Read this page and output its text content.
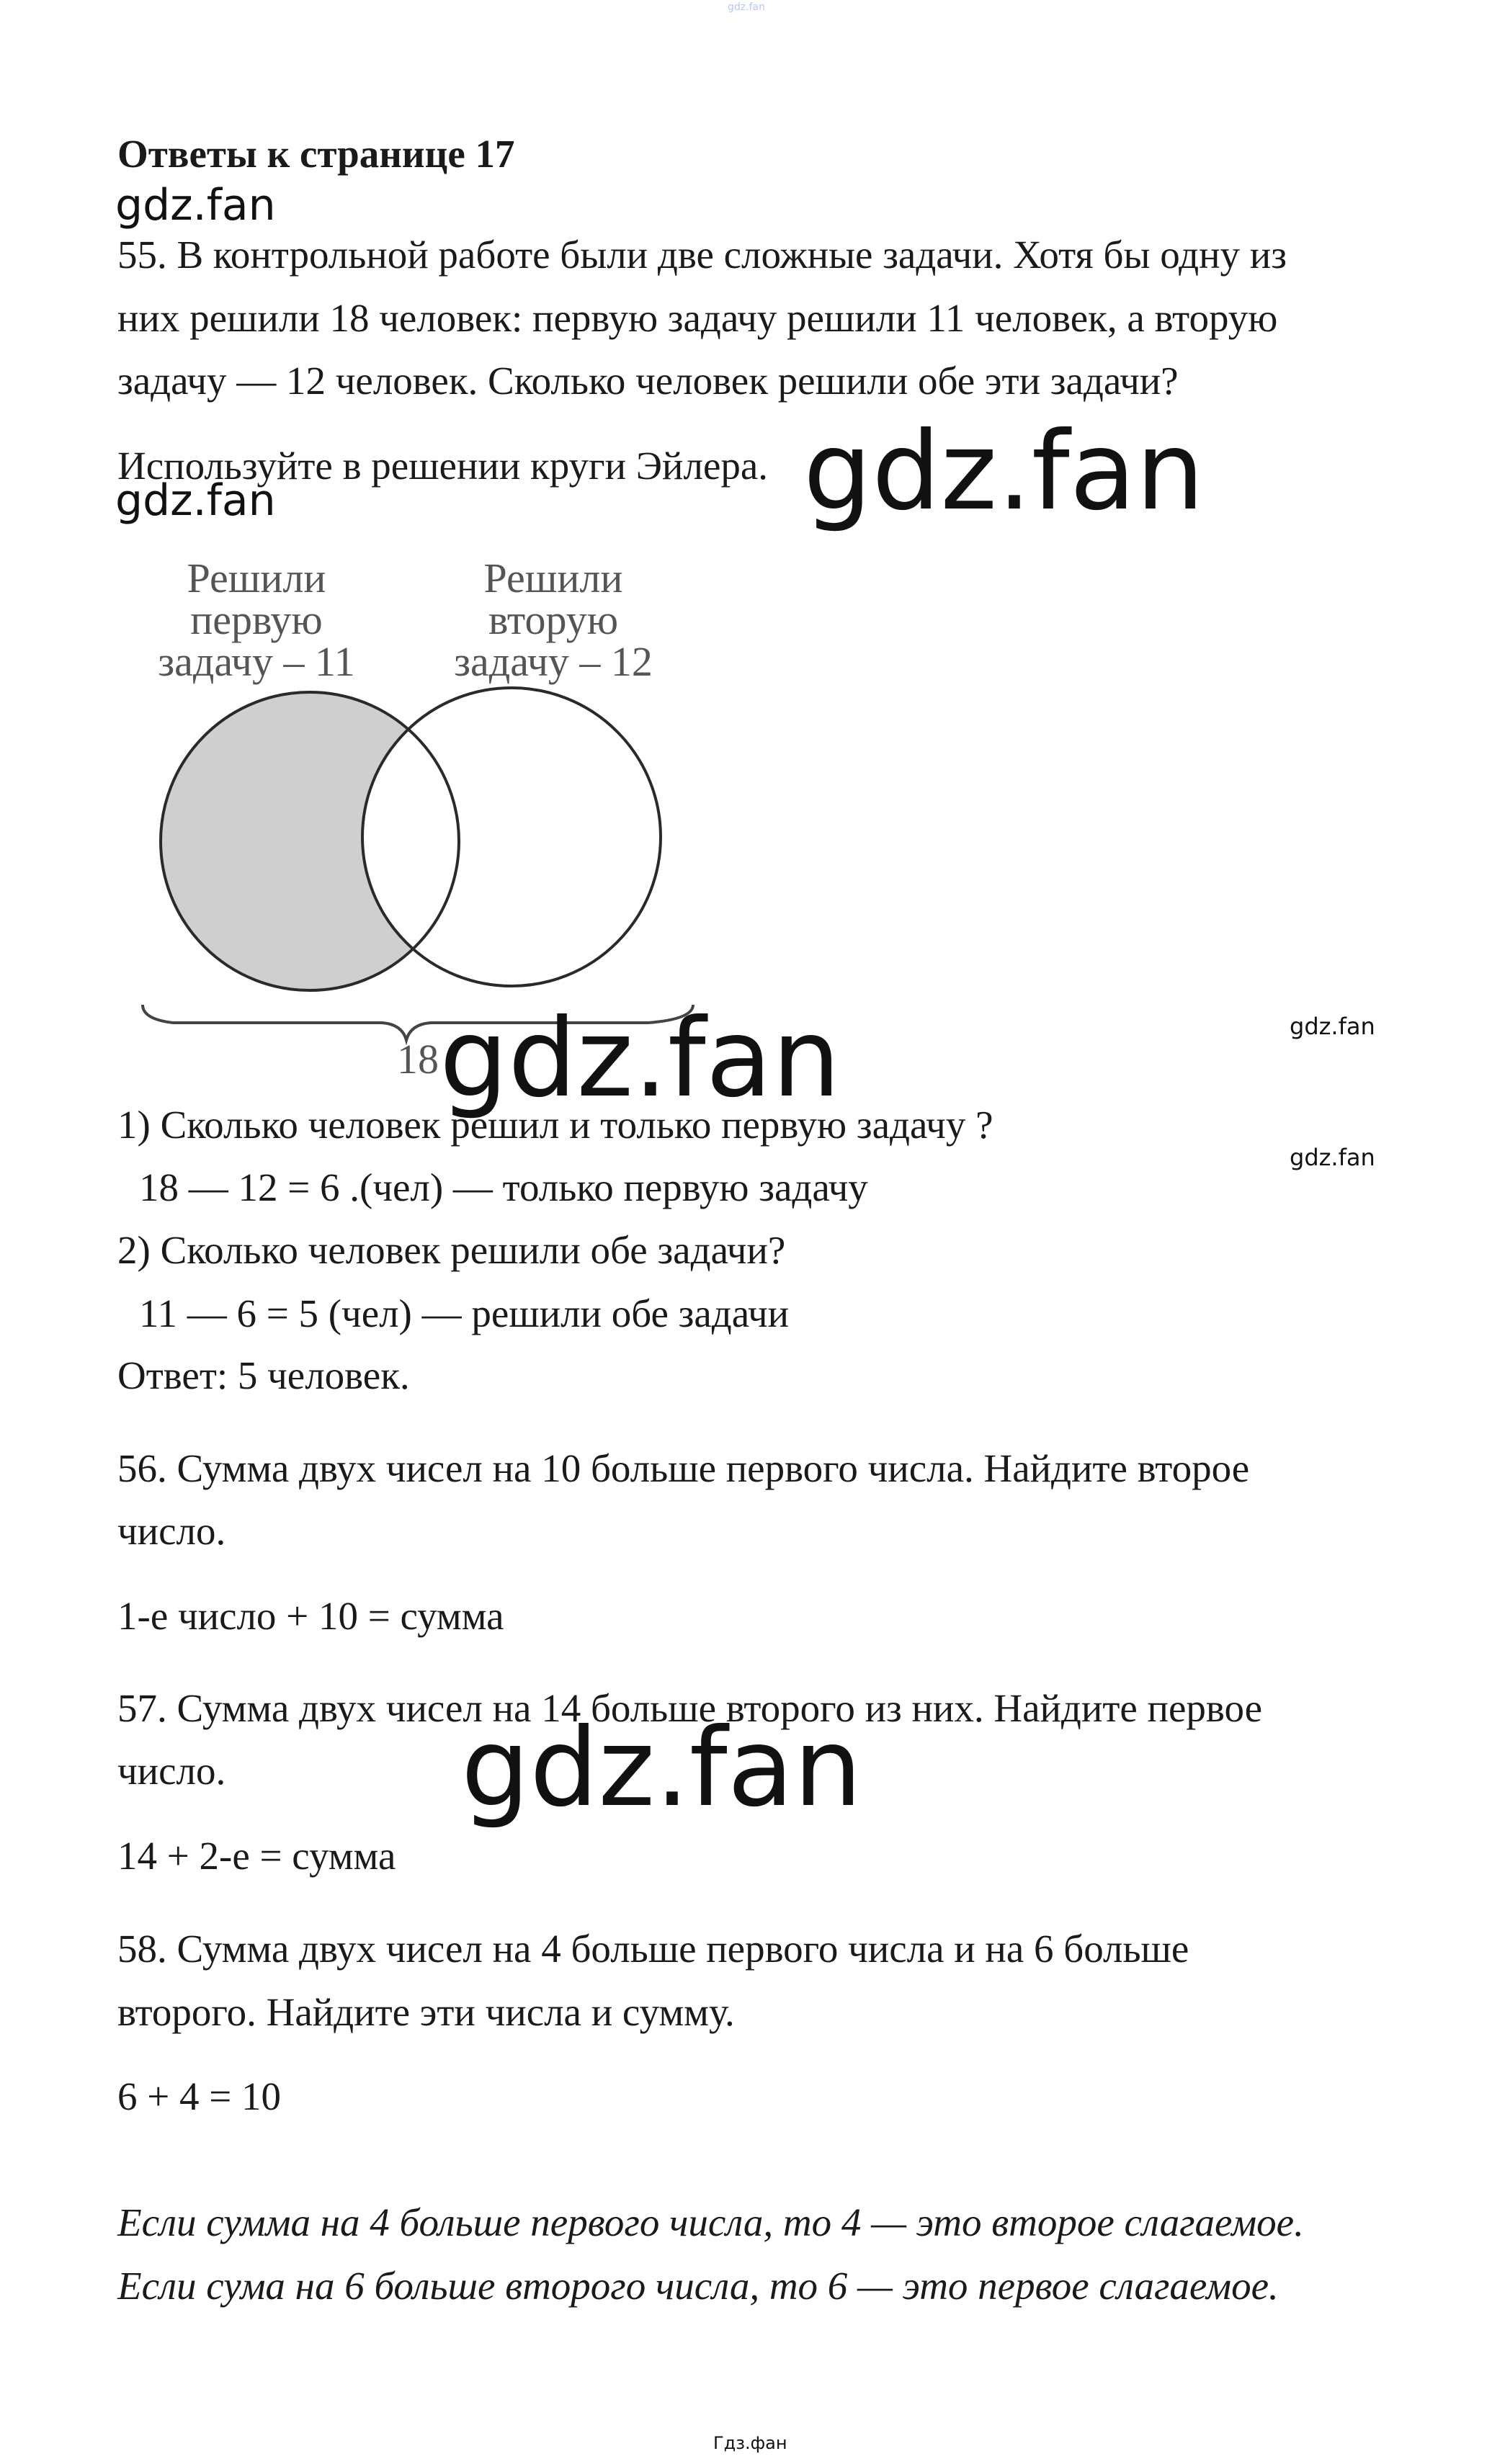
gdz.fan
Ответы к странице 17
gdz.fan
55. В контрольной работе были две сложные задачи. Хотя бы одну из
них решили 18 человек: первую задачу решили 11 человек, а вторую
задачу — 12 человек. Сколько человек решили обе эти задачи?
Используйте в решении круги Эйлера. gdz.fan
gdz.fan
Решили
первую
задачу – 11
Решили
вторую
задачу – 12
18 gdz.fan	gdz.fan
gdz.fan
1) Сколько человек решил и только первую задачу ?
18 — 12 = 6 .(чел) — только первую задачу
2) Сколько человек решили обе задачи?
11 — 6 = 5 (чел) — решили обе задачи
Ответ: 5 человек.
56. Сумма двух чисел на 10 больше первого числа. Найдите второе
число.
1-е число + 10 = сумма
57. Сумма двух чисел на 14 больше второго из них. Найдите первое
число. gdz.fan
14 + 2-е = сумма
58. Сумма двух чисел на 4 больше первого числа и на 6 больше
второго. Найдите эти числа и сумму.
6 + 4 = 10
Если сумма на 4 больше первого числа, то 4 — это второе слагаемое.
Если сума на 6 больше второго числа, то 6 — это первое слагаемое.
Гдз.фан
